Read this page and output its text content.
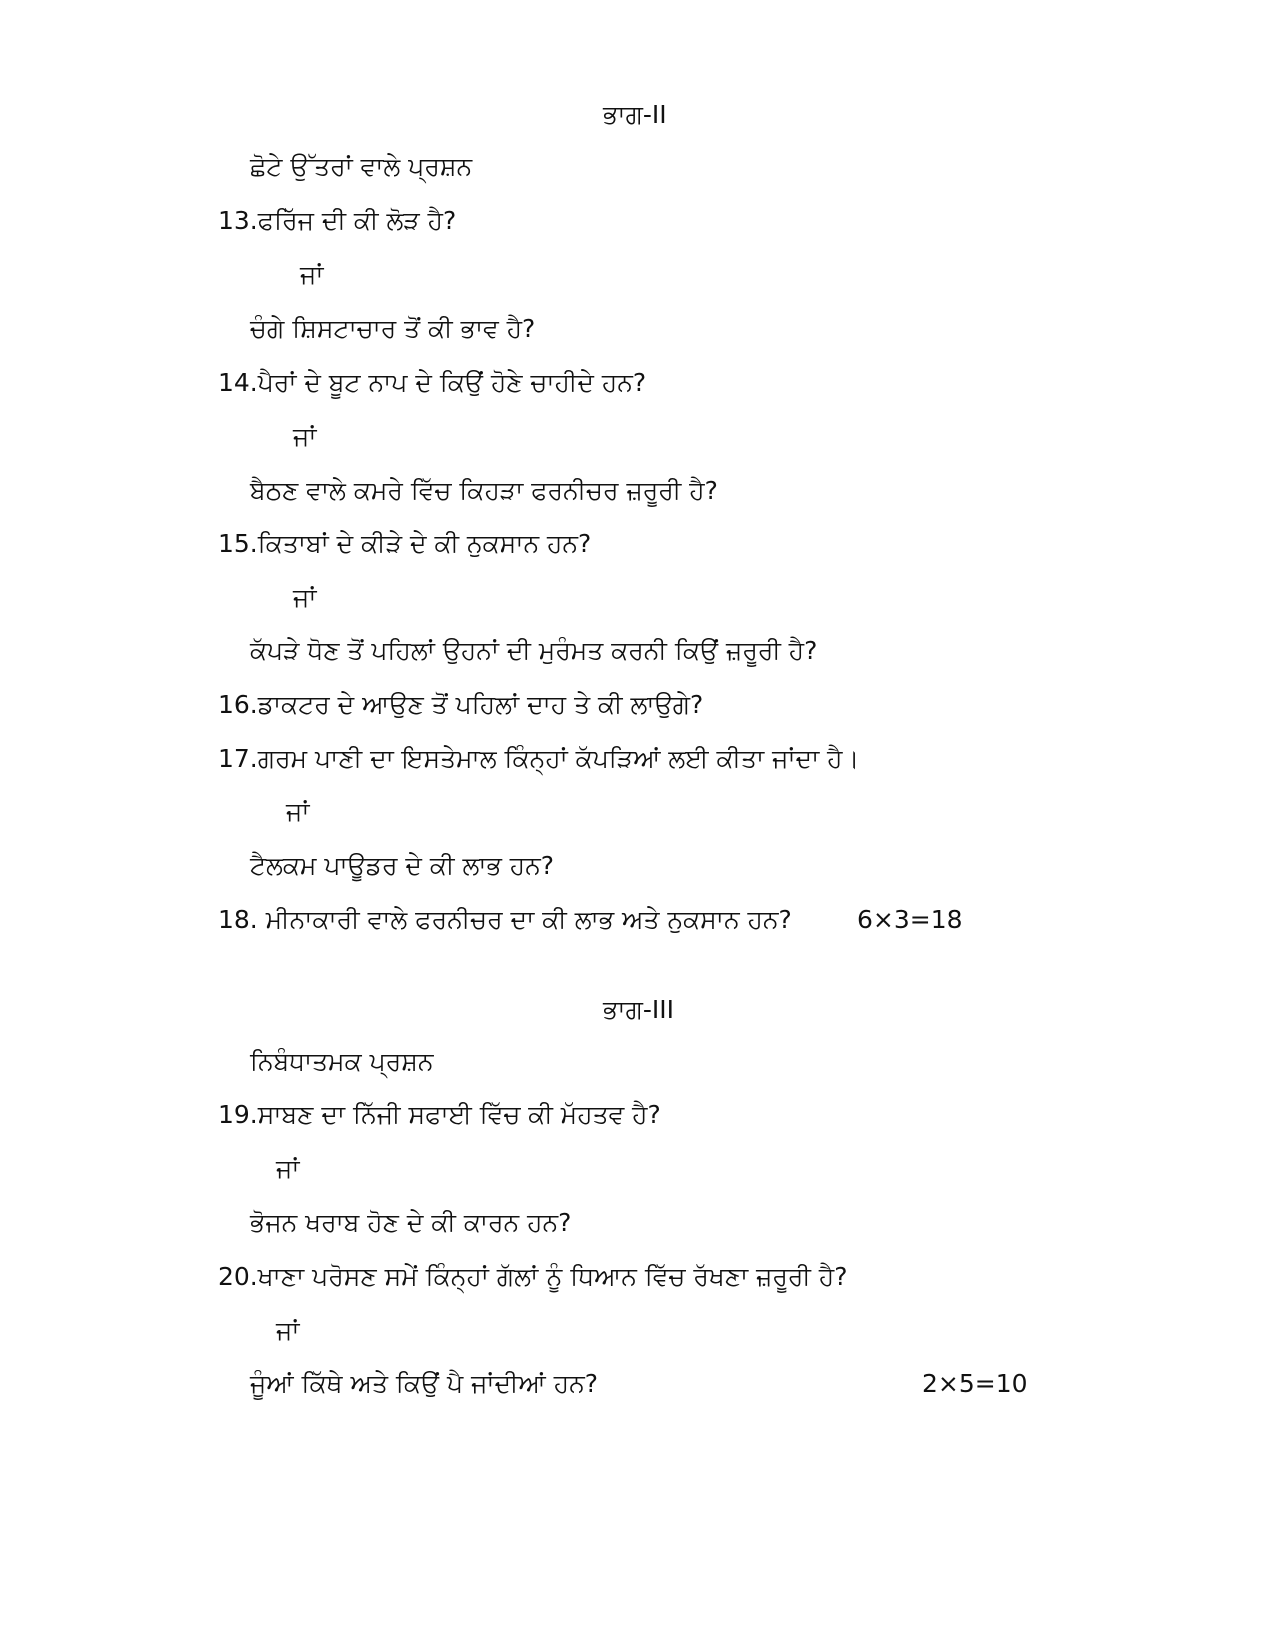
ਭਾਗ-II
ਛੋਟੇ ਉੱਤਰਾਂ ਵਾਲੇ ਪ੍ਰਸ਼ਨ
13.ਫਰਿੱਜ ਦੀ ਕੀ ਲੋੜ ਹੈ?
ਜਾਂ
ਚੰਗੇ ਸ਼ਿਸਟਾਚਾਰ ਤੋਂ ਕੀ ਭਾਵ ਹੈ?
14.ਪੈਰਾਂ ਦੇ ਬੂਟ ਨਾਪ ਦੇ ਕਿਉਂ ਹੋਣੇ ਚਾਹੀਦੇ ਹਨ?
ਜਾਂ
ਬੈਠਣ ਵਾਲੇ ਕਮਰੇ ਵਿੱਚ ਕਿਹੜਾ ਫਰਨੀਚਰ ਜ਼ਰੂਰੀ ਹੈ?
15.ਕਿਤਾਬਾਂ ਦੇ ਕੀੜੇ ਦੇ ਕੀ ਨੁਕਸਾਨ ਹਨ?
ਜਾਂ
ਕੱਪੜੇ ਧੋਣ ਤੋਂ ਪਹਿਲਾਂ ਉਹਨਾਂ ਦੀ ਮੁਰੰਮਤ ਕਰਨੀ ਕਿਉਂ ਜ਼ਰੂਰੀ ਹੈ?
16.ਡਾਕਟਰ ਦੇ ਆਉਣ ਤੋਂ ਪਹਿਲਾਂ ਦਾਹ ਤੇ ਕੀ ਲਾਉਗੇ?
17.ਗਰਮ ਪਾਣੀ ਦਾ ਇਸਤੇਮਾਲ ਕਿੰਨ੍ਹਾਂ ਕੱਪੜਿਆਂ ਲਈ ਕੀਤਾ ਜਾਂਦਾ ਹੈ।
ਜਾਂ
ਟੈਲਕਮ ਪਾਊਡਰ ਦੇ ਕੀ ਲਾਭ ਹਨ?
18. ਮੀਨਾਕਾਰੀ ਵਾਲੇ ਫਰਨੀਚਰ ਦਾ ਕੀ ਲਾਭ ਅਤੇ ਨੁਕਸਾਨ ਹਨ?	6×3=18
ਭਾਗ-III
ਨਿਬੰਧਾਤਮਕ ਪ੍ਰਸ਼ਨ
19.ਸਾਬਣ ਦਾ ਨਿੱਜੀ ਸਫਾਈ ਵਿੱਚ ਕੀ ਮੱਹਤਵ ਹੈ?
ਜਾਂ
ਭੋਜਨ ਖਰਾਬ ਹੋਣ ਦੇ ਕੀ ਕਾਰਨ ਹਨ?
20.ਖਾਣਾ ਪਰੋਸਣ ਸਮੇਂ ਕਿੰਨ੍ਹਾਂ ਗੱਲਾਂ ਨੂੰ ਧਿਆਨ ਵਿੱਚ ਰੱਖਣਾ ਜ਼ਰੂਰੀ ਹੈ?
ਜਾਂ
ਜੂੰਆਂ ਕਿੱਥੇ ਅਤੇ ਕਿਉਂ ਪੈ ਜਾਂਦੀਆਂ ਹਨ?	2×5=10
